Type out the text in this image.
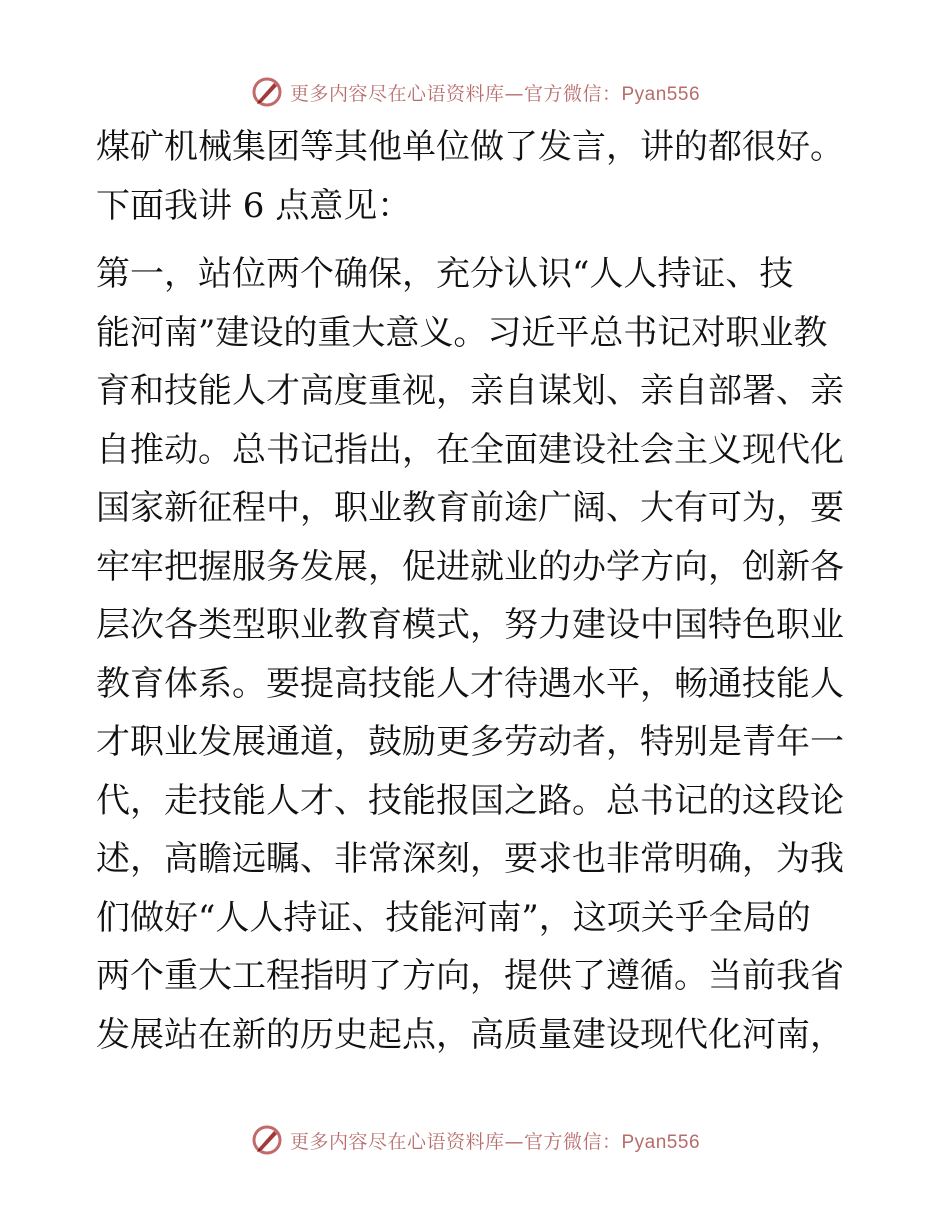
更多内容尽在心语资料库—官方微信：Pyan556
煤矿机械集团等其他单位做了发言，讲的都很好。
下面我讲 6 点意见：
第一，站位两个确保，充分认识“人人持证、技
能河南”建设的重大意义。习近平总书记对职业教
育和技能人才高度重视，亲自谋划、亲自部署、亲
自推动。总书记指出，在全面建设社会主义现代化
国家新征程中，职业教育前途广阔、大有可为，要
牢牢把握服务发展，促进就业的办学方向，创新各
层次各类型职业教育模式，努力建设中国特色职业
教育体系。要提高技能人才待遇水平，畅通技能人
才职业发展通道，鼓励更多劳动者，特别是青年一
代，走技能人才、技能报国之路。总书记的这段论
述，高瞻远瞩、非常深刻，要求也非常明确，为我
们做好“人人持证、技能河南”，这项关乎全局的
两个重大工程指明了方向，提供了遵循。当前我省
发展站在新的历史起点，高质量建设现代化河南，
更多内容尽在心语资料库—官方微信：Pyan556
